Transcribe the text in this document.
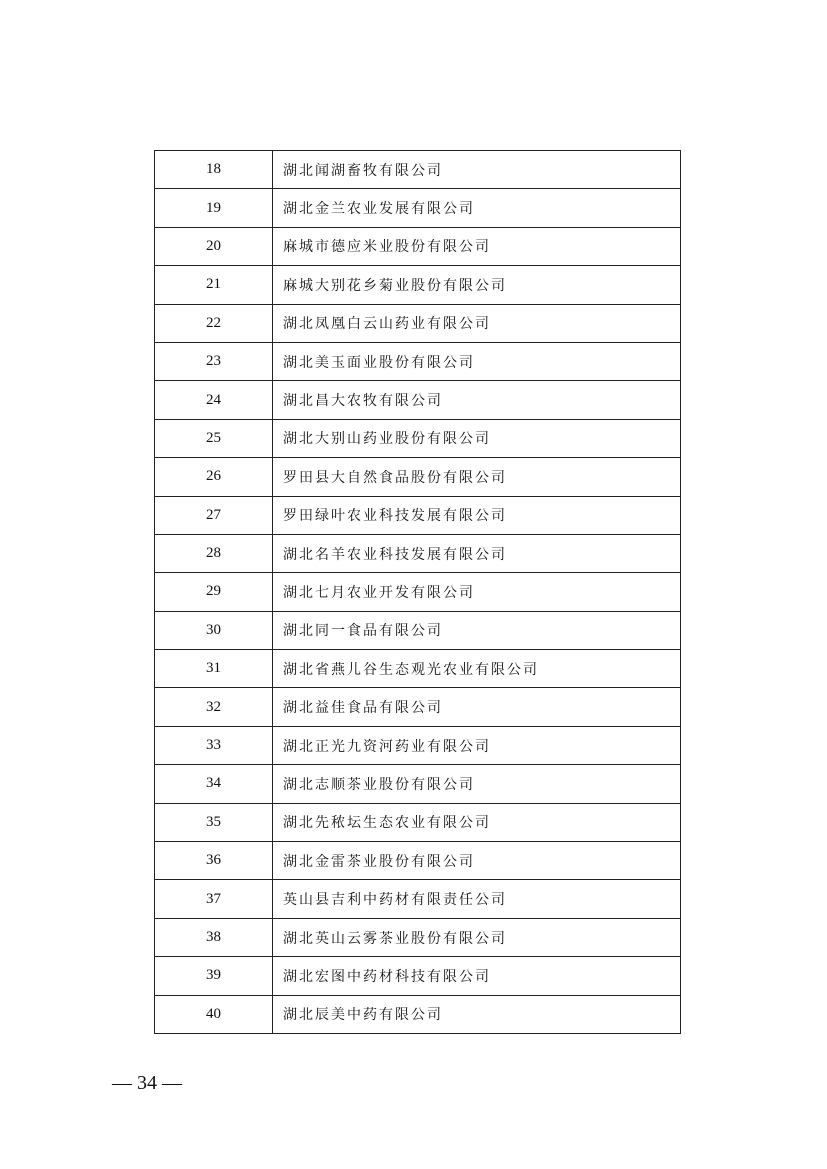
18	湖北闻湖畜牧有限公司
19	湖北金兰农业发展有限公司
20	麻城市德应米业股份有限公司
21	麻城大别花乡菊业股份有限公司
22	湖北凤凰白云山药业有限公司
23	湖北美玉面业股份有限公司
24	湖北昌大农牧有限公司
25	湖北大别山药业股份有限公司
26	罗田县大自然食品股份有限公司
27	罗田绿叶农业科技发展有限公司
28	湖北名羊农业科技发展有限公司
29	湖北七月农业开发有限公司
30	湖北同一食品有限公司
31	湖北省燕儿谷生态观光农业有限公司
32	湖北益佳食品有限公司
33	湖北正光九资河药业有限公司
34	湖北志顺茶业股份有限公司
35	湖北先秾坛生态农业有限公司
36	湖北金雷茶业股份有限公司
37	英山县吉利中药材有限责任公司
38	湖北英山云雾茶业股份有限公司
39	湖北宏图中药材科技有限公司
40	湖北辰美中药有限公司
— 34 —
